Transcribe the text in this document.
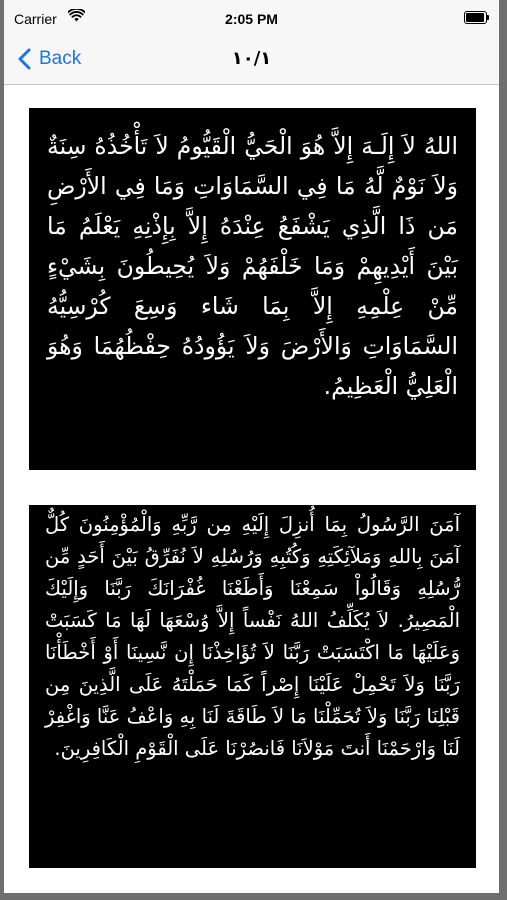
Carrier	2:05 PM
Back	۱۰/۱
اللهُ لاَ إِلَـهَ إِلاَّ هُوَ الْحَيُّ الْقَيُّومُ لاَ تَأْخُذُهُ سِنَةٌ وَلاَ نَوْمٌ لَّهُ مَا فِي السَّمَاوَاتِ وَمَا فِي الأَرْضِ مَن ذَا الَّذِي يَشْفَعُ عِنْدَهُ إِلاَّ بِإِذْنِهِ يَعْلَمُ مَا بَيْنَ أَيْدِيهِمْ وَمَا خَلْفَهُمْ وَلاَ يُحِيطُونَ بِشَيْءٍ مِّنْ عِلْمِهِ إِلاَّ بِمَا شَاء وَسِعَ كُرْسِيُّهُ السَّمَاوَاتِ وَالأَرْضَ وَلاَ يَؤُودُهُ حِفْظُهُمَا وَهُوَ الْعَلِيُّ الْعَظِيمُ.
آمَنَ الرَّسُولُ بِمَا أُنزِلَ إِلَيْهِ مِن رَّبِّهِ وَالْمُؤْمِنُونَ كُلٌّ آمَنَ بِاللهِ وَمَلآئِكَتِهِ وَكُتُبِهِ وَرُسُلِهِ لاَ نُفَرِّقُ بَيْنَ أَحَدٍ مِّن رُّسُلِهِ وَقَالُواْ سَمِعْنَا وَأَطَعْنَا غُفْرَانَكَ رَبَّنَا وَإِلَيْكَ الْمَصِيرُ. لاَ يُكَلِّفُ اللهُ نَفْساً إِلاَّ وُسْعَهَا لَهَا مَا كَسَبَتْ وَعَلَيْهَا مَا اكْتَسَبَتْ رَبَّنَا لاَ تُؤَاخِذْنَا إِن نَّسِينَا أَوْ أَخْطَأْنَا رَبَّنَا وَلاَ تَحْمِلْ عَلَيْنَا إِصْراً كَمَا حَمَلْتَهُ عَلَى الَّذِينَ مِن قَبْلِنَا رَبَّنَا وَلاَ تُحَمِّلْنَا مَا لاَ طَاقَةَ لَنَا بِهِ وَاعْفُ عَنَّا وَاغْفِرْ لَنَا وَارْحَمْنَا أَنتَ مَوْلاَنَا فَانصُرْنَا عَلَى الْقَوْمِ الْكَافِرِينَ.
